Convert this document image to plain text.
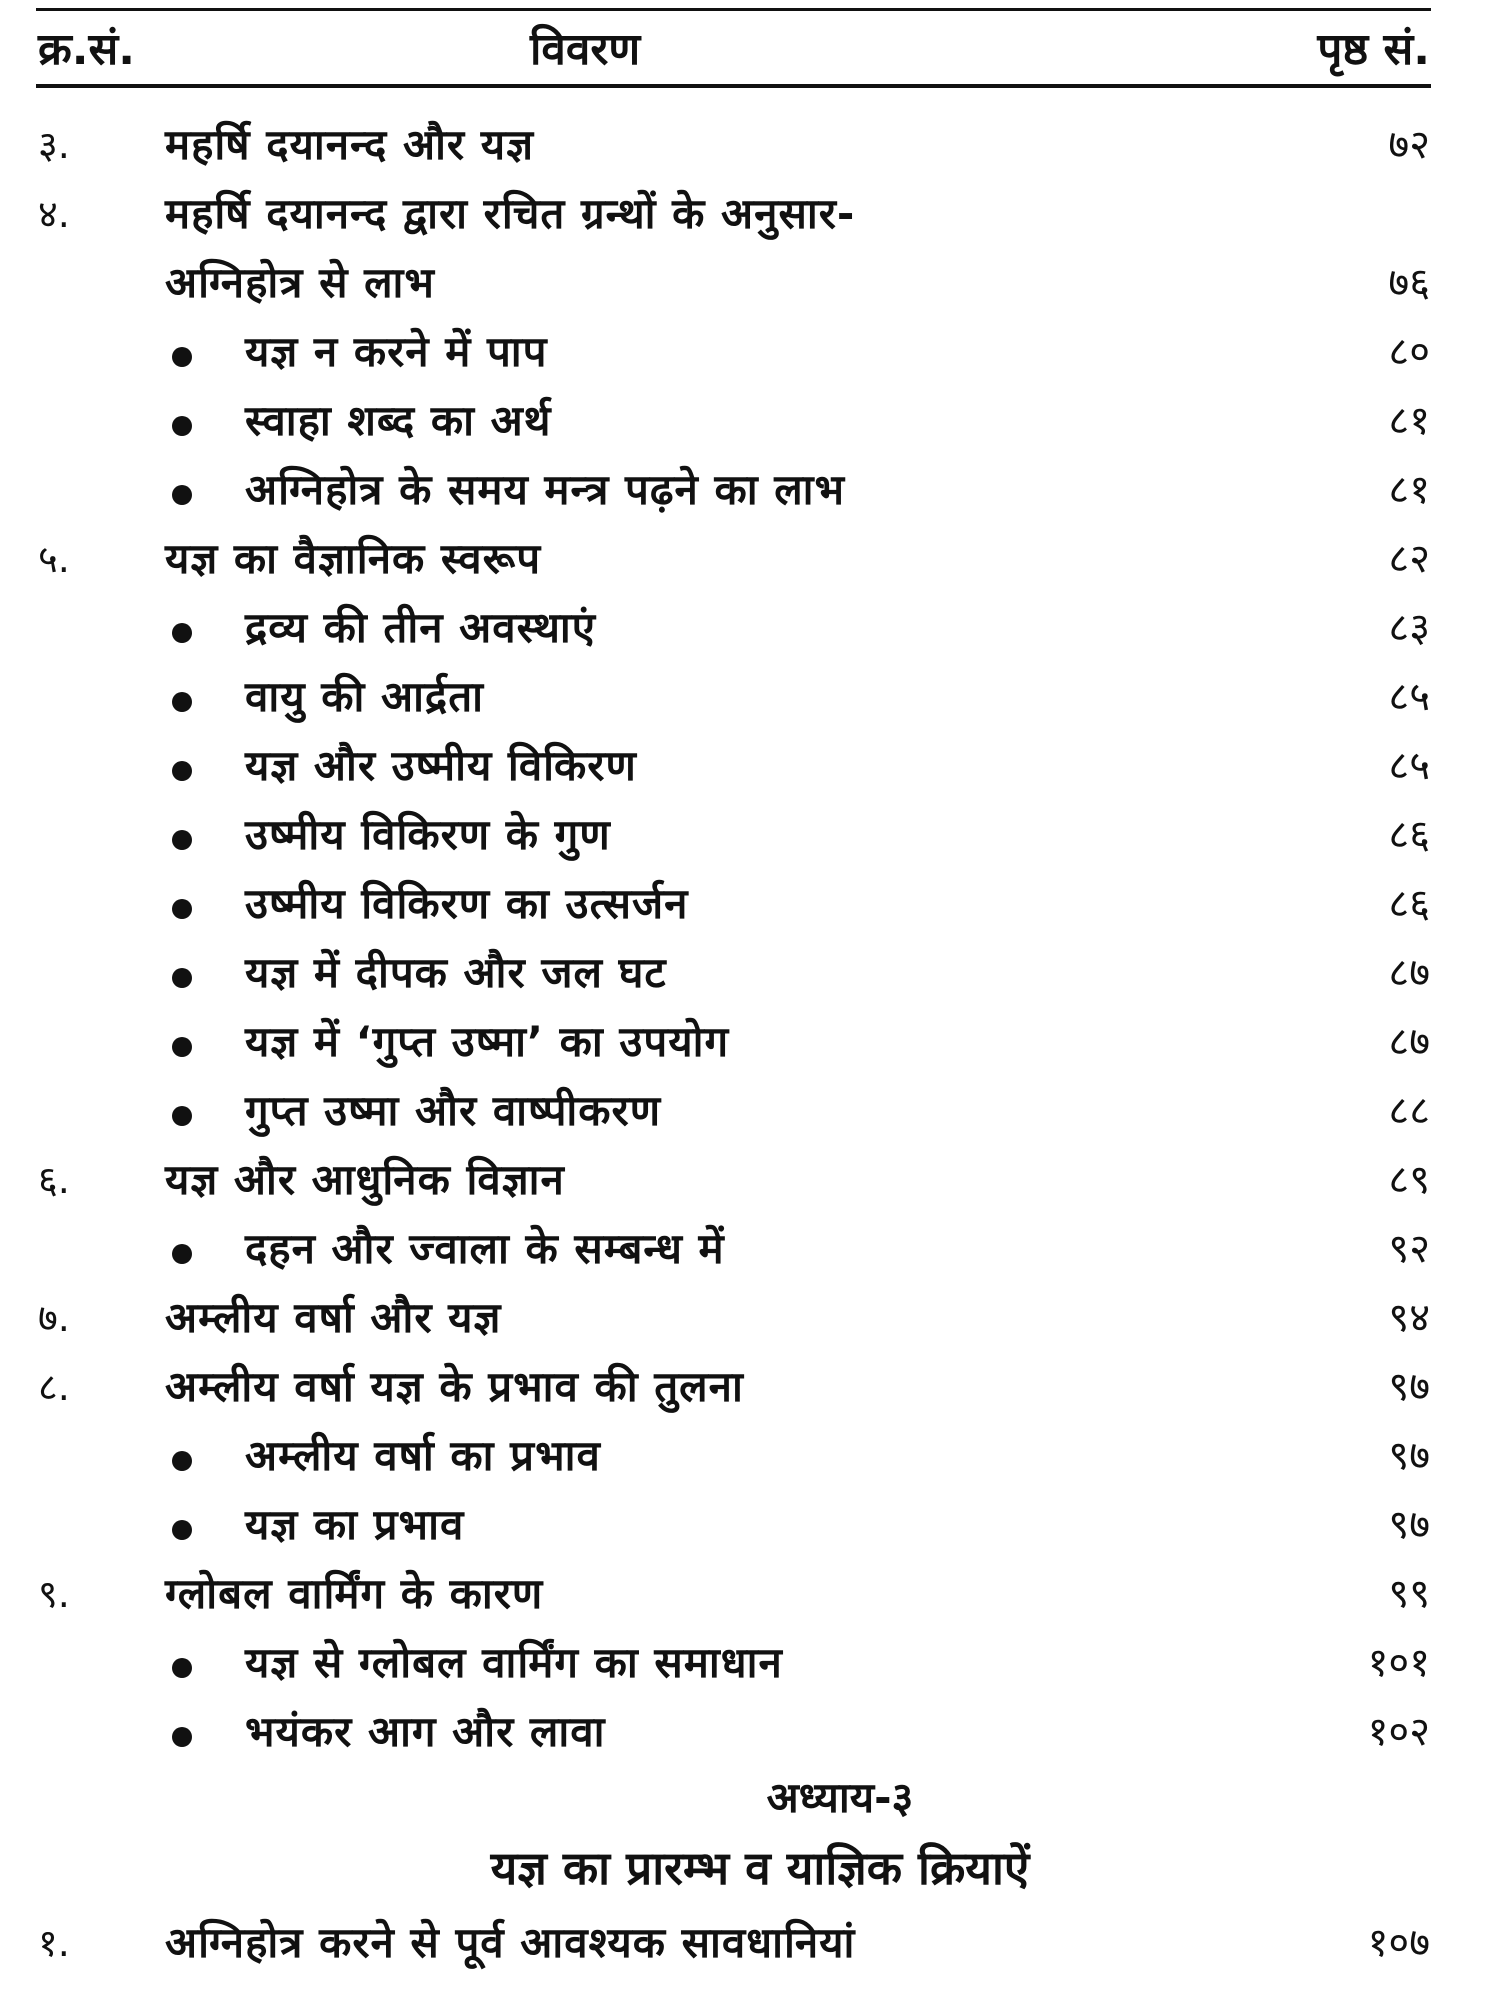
क्र.सं.	विवरण	पृष्ठ सं.
३. महर्षि दयानन्द और यज्ञ	७२
४. महर्षि दयानन्द द्वारा रचित ग्रन्थों के अनुसार-
अग्निहोत्र से लाभ	७६
यज्ञ न करने में पाप	८०
स्वाहा शब्द का अर्थ	८१
अग्निहोत्र के समय मन्त्र पढ़ने का लाभ	८१
५. यज्ञ का वैज्ञानिक स्वरूप	८२
द्रव्य की तीन अवस्थाएं	८३
वायु की आर्द्रता	८५
यज्ञ और उष्मीय विकिरण	८५
उष्मीय विकिरण के गुण	८६
उष्मीय विकिरण का उत्सर्जन	८६
यज्ञ में दीपक और जल घट	८७
यज्ञ में ‘गुप्त उष्मा’ का उपयोग	८७
गुप्त उष्मा और वाष्पीकरण	८८
६. यज्ञ और आधुनिक विज्ञान	८९
दहन और ज्वाला के सम्बन्ध में	९२
७. अम्लीय वर्षा और यज्ञ	९४
८. अम्लीय वर्षा यज्ञ के प्रभाव की तुलना	९७
अम्लीय वर्षा का प्रभाव	९७
यज्ञ का प्रभाव	९७
९. ग्लोबल वार्मिंग के कारण	९९
यज्ञ से ग्लोबल वार्मिंग का समाधान	१०१
भयंकर आग और लावा	१०२
अध्याय-३
यज्ञ का प्रारम्भ व याज्ञिक क्रियाऐं
१. अग्निहोत्र करने से पूर्व आवश्यक सावधानियां	१०७
